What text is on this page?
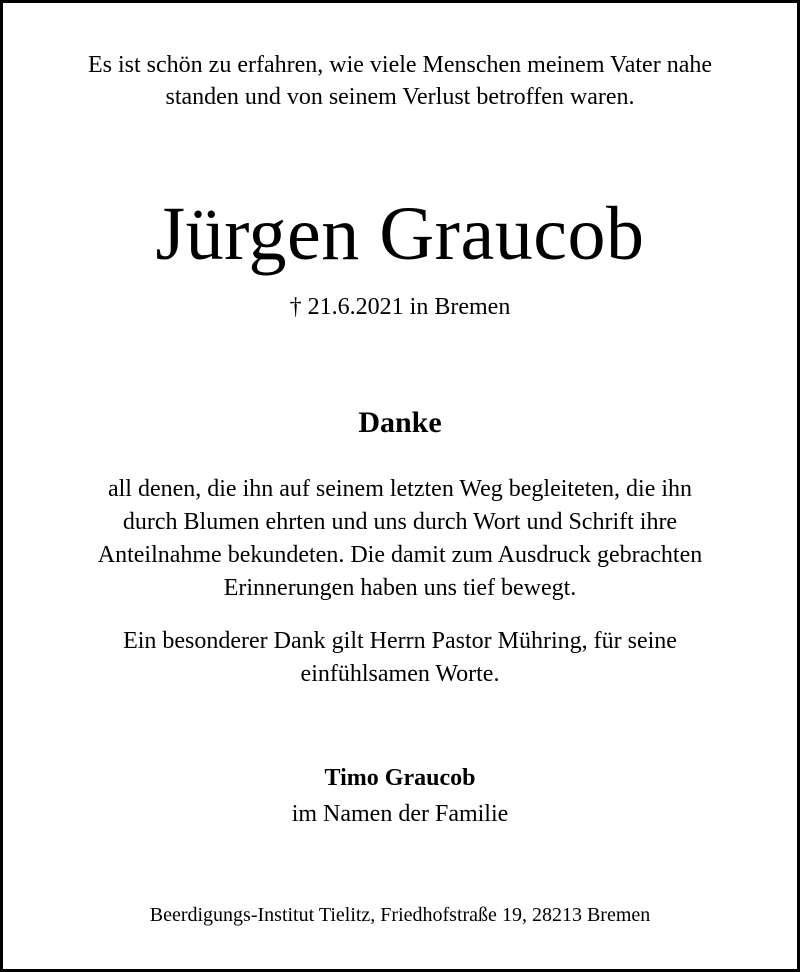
Es ist schön zu erfahren, wie viele Menschen meinem Vater nahe
standen und von seinem Verlust betroffen waren.
Jürgen Graucob
† 21.6.2021 in Bremen
Danke
all denen, die ihn auf seinem letzten Weg begleiteten, die ihn
durch Blumen ehrten und uns durch Wort und Schrift ihre
Anteilnahme bekundeten. Die damit zum Ausdruck gebrachten
Erinnerungen haben uns tief bewegt.
Ein besonderer Dank gilt Herrn Pastor Mühring, für seine
einfühlsamen Worte.
Timo Graucob
im Namen der Familie
Beerdigungs-Institut Tielitz, Friedhofstraße 19, 28213 Bremen
